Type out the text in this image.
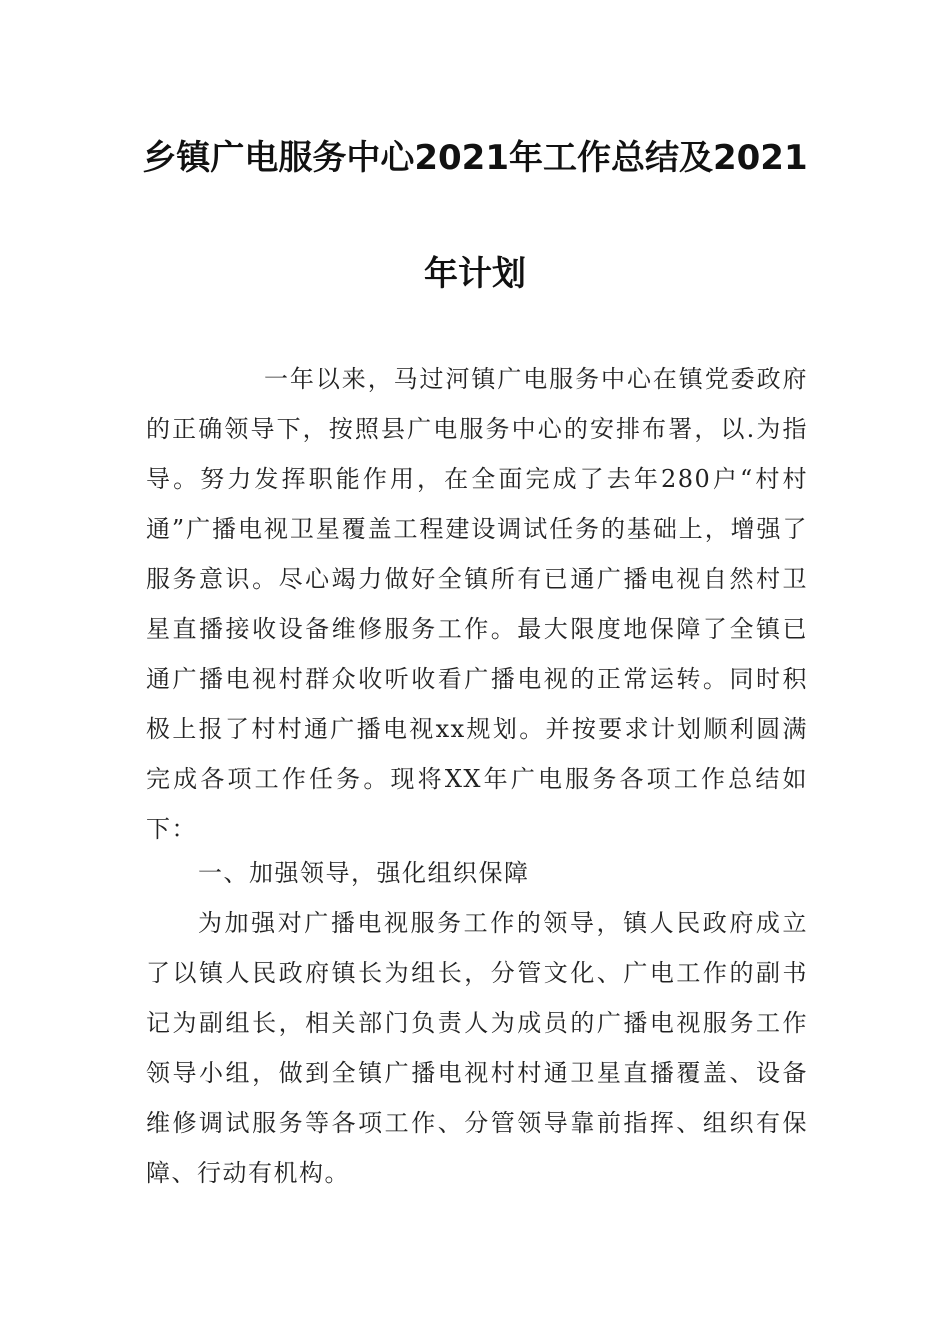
乡镇广电服务中心2021年工作总结及2021
年计划

一年以来，马过河镇广电服务中心在镇党委政府的正确领导下，按照县广电服务中心的安排布署，以.为指导。努力发挥职能作用，在全面完成了去年280户“村村通”广播电视卫星覆盖工程建设调试任务的基础上，增强了服务意识。尽心竭力做好全镇所有已通广播电视自然村卫星直播接收设备维修服务工作。最大限度地保障了全镇已通广播电视村群众收听收看广播电视的正常运转。同时积极上报了村村通广播电视xx规划。并按要求计划顺利圆满完成各项工作任务。现将XX年广电服务各项工作总结如下：

一、加强领导，强化组织保障

为加强对广播电视服务工作的领导，镇人民政府成立了以镇人民政府镇长为组长，分管文化、广电工作的副书记为副组长，相关部门负责人为成员的广播电视服务工作领导小组，做到全镇广播电视村村通卫星直播覆盖、设备维修调试服务等各项工作、分管领导靠前指挥、组织有保障、行动有机构。
